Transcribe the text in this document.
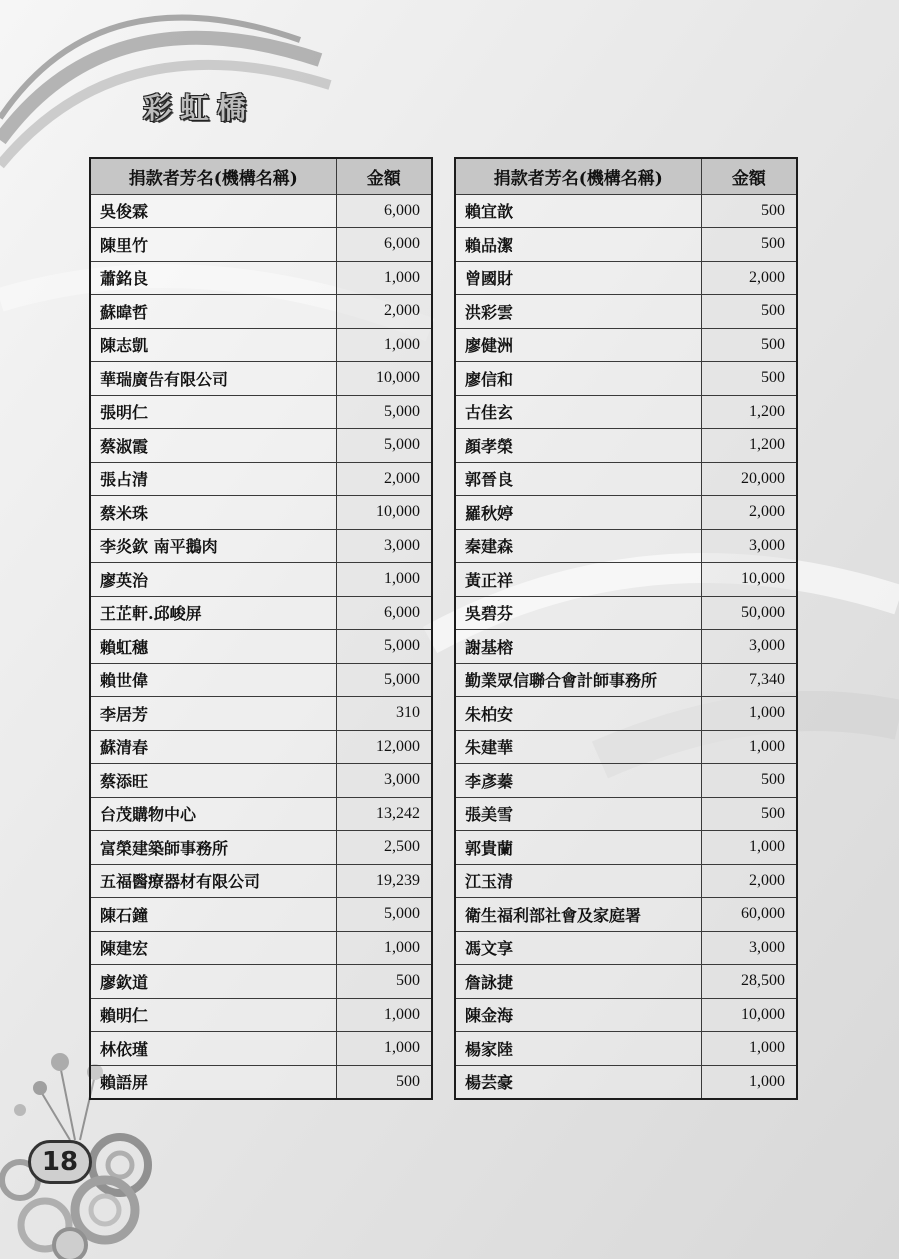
彩虹橋
捐款者芳名(機構名稱)	金額
吳俊霖	6,000
陳里竹	6,000
蕭銘良	1,000
蘇暐哲	2,000
陳志凱	1,000
華瑞廣告有限公司	10,000
張明仁	5,000
蔡淑霞	5,000
張占清	2,000
蔡米珠	10,000
李炎欽 南平鵝肉	3,000
廖英治	1,000
王芷軒.邱峻屏	6,000
賴虹穗	5,000
賴世偉	5,000
李居芳	310
蘇清春	12,000
蔡添旺	3,000
台茂購物中心	13,242
富榮建築師事務所	2,500
五福醫療器材有限公司	19,239
陳石鐘	5,000
陳建宏	1,000
廖欽道	500
賴明仁	1,000
林依瑾	1,000
賴語屏	500
捐款者芳名(機構名稱)	金額
賴宜歆	500
賴品潔	500
曾國財	2,000
洪彩雲	500
廖健洲	500
廖信和	500
古佳玄	1,200
顏孝榮	1,200
郭晉良	20,000
羅秋婷	2,000
秦建森	3,000
黃正祥	10,000
吳碧芬	50,000
謝基榕	3,000
勤業眾信聯合會計師事務所	7,340
朱柏安	1,000
朱建華	1,000
李彥蓁	500
張美雪	500
郭貴蘭	1,000
江玉清	2,000
衛生福利部社會及家庭署	60,000
馮文享	3,000
詹詠捷	28,500
陳金海	10,000
楊家陸	1,000
楊芸豪	1,000
18
